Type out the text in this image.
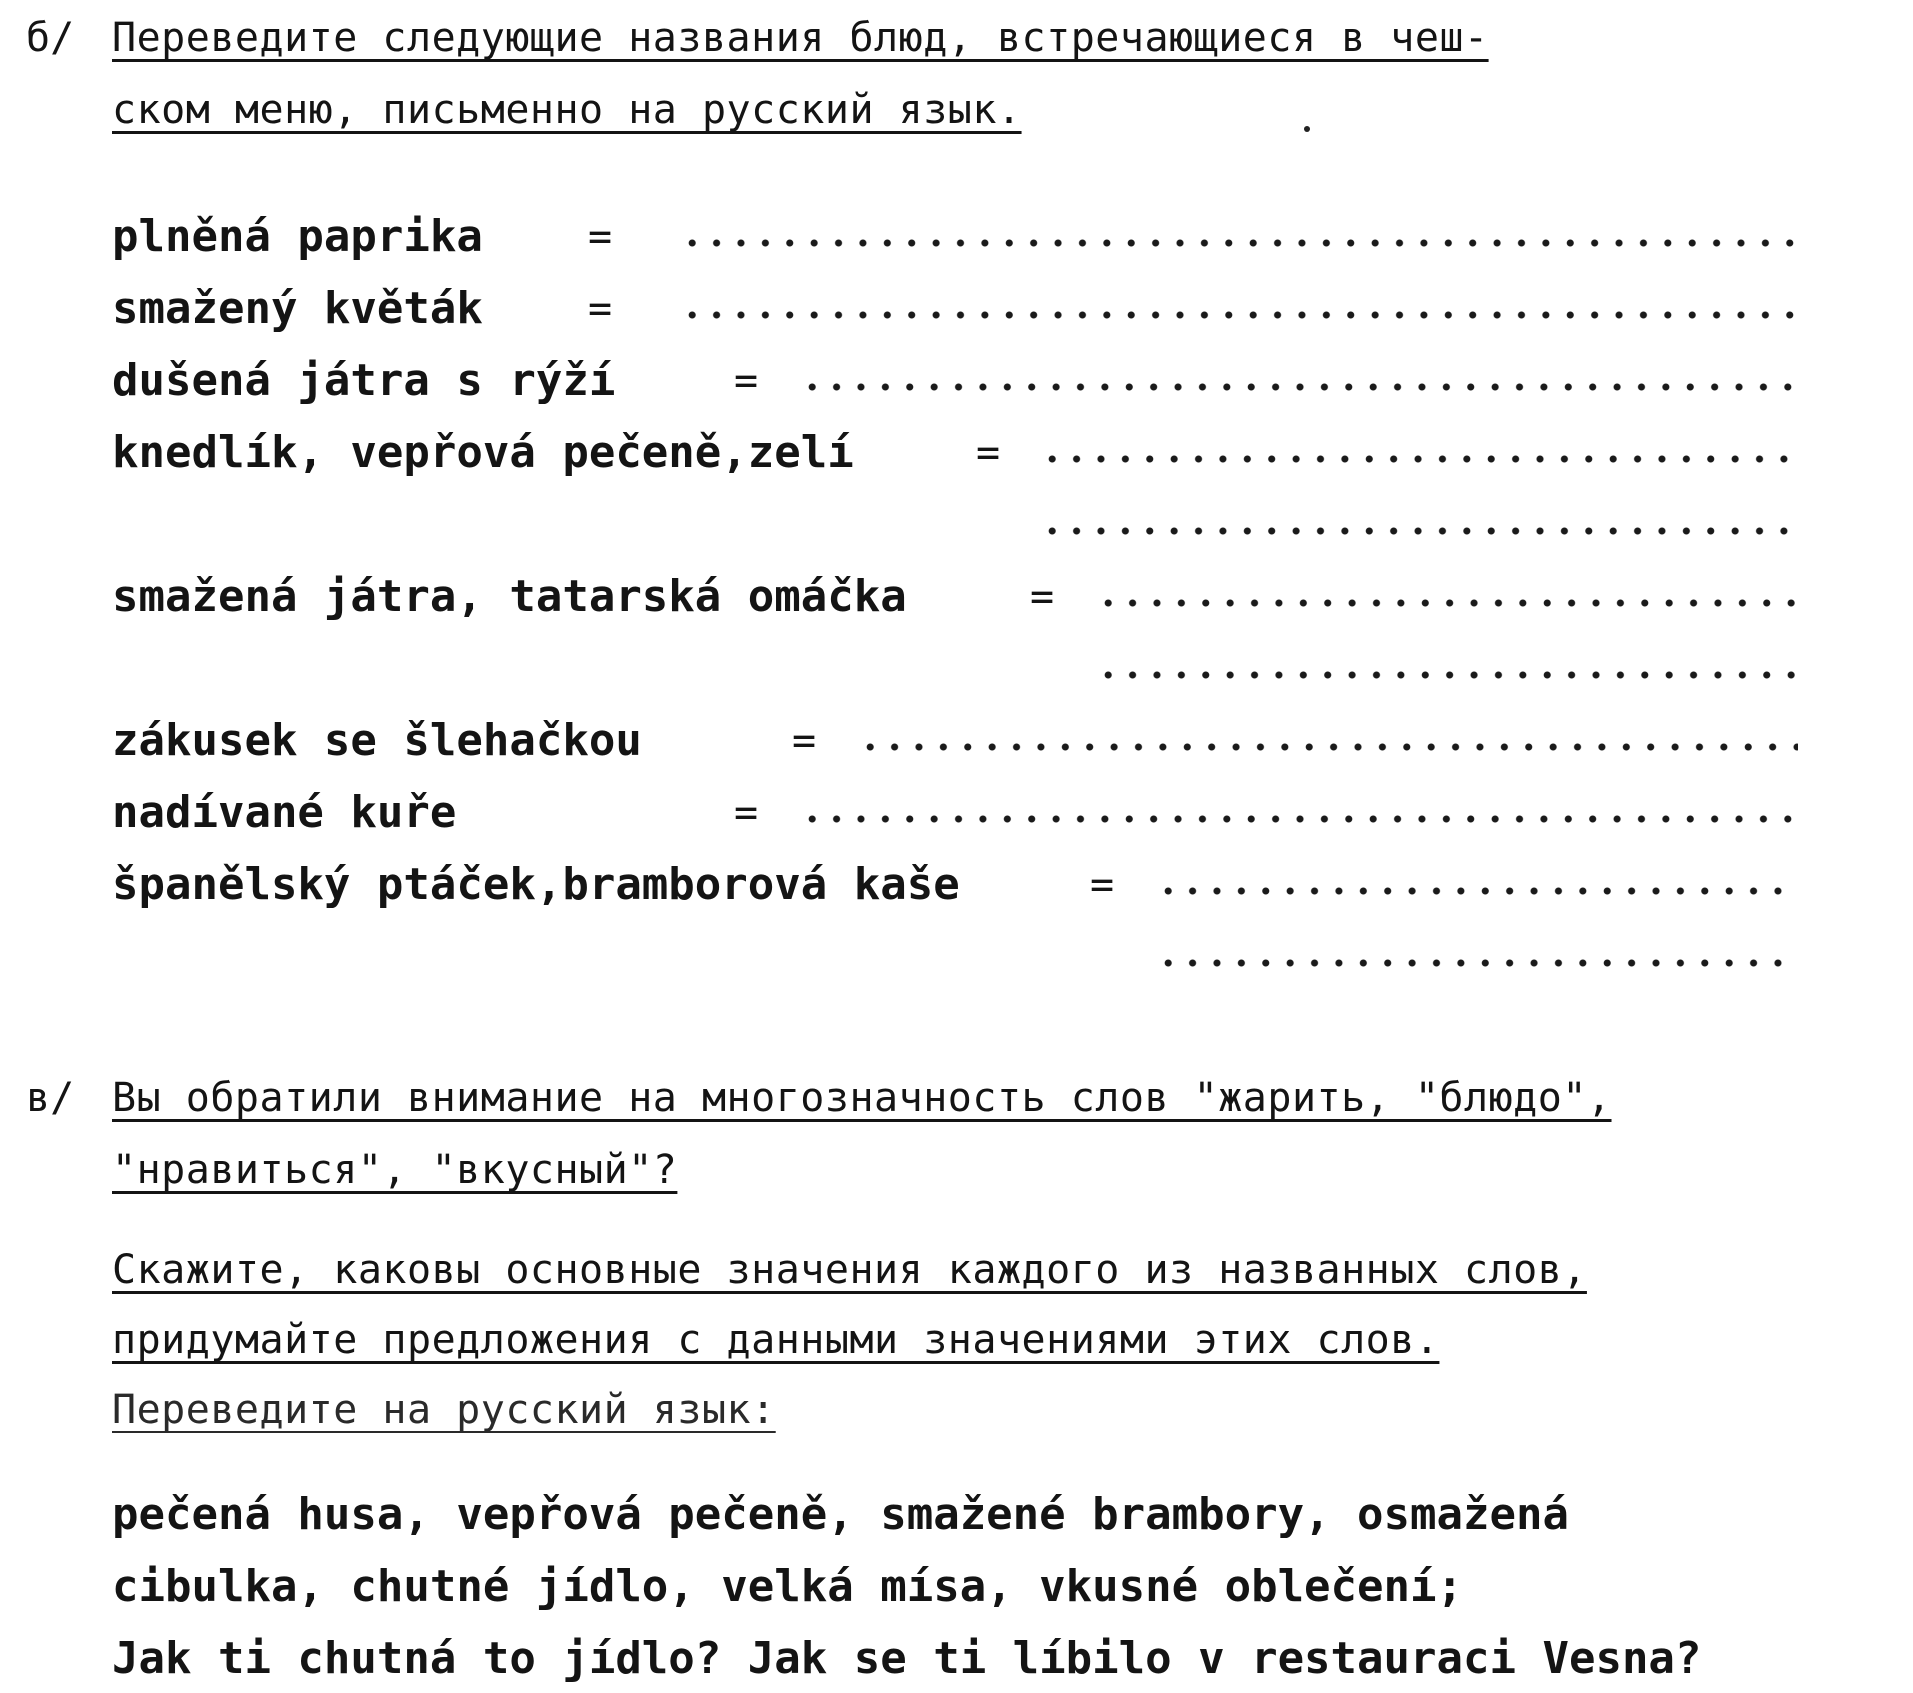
б/ Переведите следующие названия блюд, встречающиеся в чеш-
ском меню, письменно на русский язык.
plněná paprika	=
smažený květák	=
dušená játra s rýží	=
knedlík, vepřová pečeně,zelí	=
smažená játra, tatarská omáčka	=
zákusek se šlehačkou	=
nadívané kuře	=
španělský ptáček,bramborová kaše	=
в/ Вы обратили внимание на многозначность слов "жарить, "блюдо",
"нравиться", "вкусный"?
Скажите, каковы основные значения каждого из названных слов,
придумайте предложения с данными значениями этих слов.
Переведите на русский язык:
pečená husa, vepřová pečeně, smažené brambory, osmažená
cibulka, chutné jídlo, velká mísa, vkusné oblečení;
Jak ti chutná to jídlo? Jak se ti líbilo v restauraci Vesna?
